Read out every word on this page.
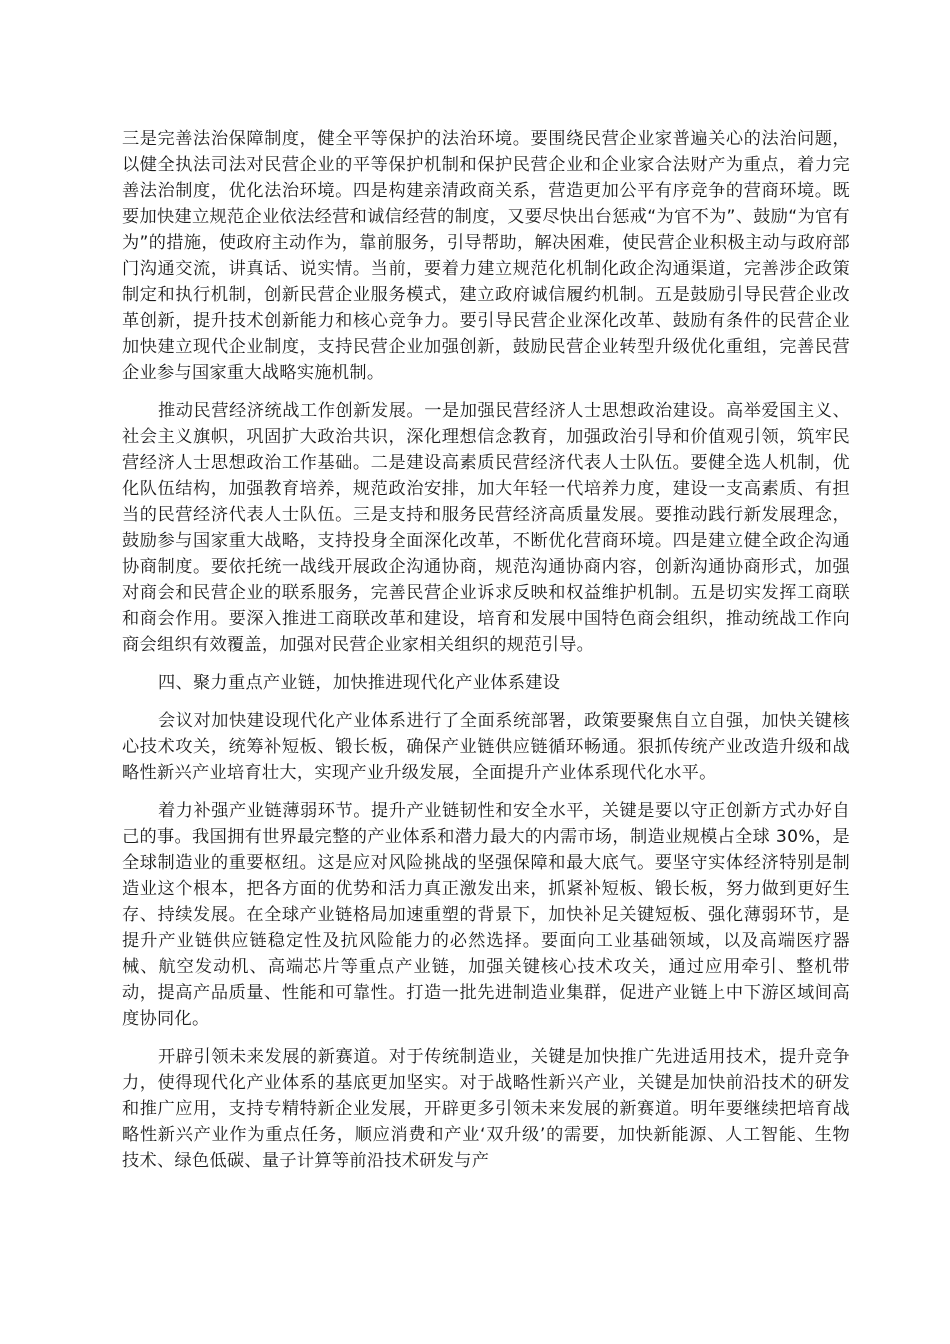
三是完善法治保障制度，健全平等保护的法治环境。要围绕民营企业家普遍关心的法治问题，以健全执法司法对民营企业的平等保护机制和保护民营企业和企业家合法财产为重点，着力完善法治制度，优化法治环境。四是构建亲清政商关系，营造更加公平有序竞争的营商环境。既要加快建立规范企业依法经营和诚信经营的制度，又要尽快出台惩戒“为官不为”、鼓励“为官有为”的措施，使政府主动作为，靠前服务，引导帮助，解决困难，使民营企业积极主动与政府部门沟通交流，讲真话、说实情。当前，要着力建立规范化机制化政企沟通渠道，完善涉企政策制定和执行机制，创新民营企业服务模式，建立政府诚信履约机制。五是鼓励引导民营企业改革创新，提升技术创新能力和核心竞争力。要引导民营企业深化改革、鼓励有条件的民营企业加快建立现代企业制度，支持民营企业加强创新，鼓励民营企业转型升级优化重组，完善民营企业参与国家重大战略实施机制。

推动民营经济统战工作创新发展。一是加强民营经济人士思想政治建设。高举爱国主义、社会主义旗帜，巩固扩大政治共识，深化理想信念教育，加强政治引导和价值观引领，筑牢民营经济人士思想政治工作基础。二是建设高素质民营经济代表人士队伍。要健全选人机制，优化队伍结构，加强教育培养，规范政治安排，加大年轻一代培养力度，建设一支高素质、有担当的民营经济代表人士队伍。三是支持和服务民营经济高质量发展。要推动践行新发展理念，鼓励参与国家重大战略，支持投身全面深化改革，不断优化营商环境。四是建立健全政企沟通协商制度。要依托统一战线开展政企沟通协商，规范沟通协商内容，创新沟通协商形式，加强对商会和民营企业的联系服务，完善民营企业诉求反映和权益维护机制。五是切实发挥工商联和商会作用。要深入推进工商联改革和建设，培育和发展中国特色商会组织，推动统战工作向商会组织有效覆盖，加强对民营企业家相关组织的规范引导。

四、聚力重点产业链，加快推进现代化产业体系建设

会议对加快建设现代化产业体系进行了全面系统部署，政策要聚焦自立自强，加快关键核心技术攻关，统筹补短板、锻长板，确保产业链供应链循环畅通。狠抓传统产业改造升级和战略性新兴产业培育壮大，实现产业升级发展，全面提升产业体系现代化水平。

着力补强产业链薄弱环节。提升产业链韧性和安全水平，关键是要以守正创新方式办好自己的事。我国拥有世界最完整的产业体系和潜力最大的内需市场，制造业规模占全球 30%，是全球制造业的重要枢纽。这是应对风险挑战的坚强保障和最大底气。要坚守实体经济特别是制造业这个根本，把各方面的优势和活力真正激发出来，抓紧补短板、锻长板，努力做到更好生存、持续发展。在全球产业链格局加速重塑的背景下，加快补足关键短板、强化薄弱环节，是提升产业链供应链稳定性及抗风险能力的必然选择。要面向工业基础领域，以及高端医疗器械、航空发动机、高端芯片等重点产业链，加强关键核心技术攻关，通过应用牵引、整机带动，提高产品质量、性能和可靠性。打造一批先进制造业集群，促进产业链上中下游区域间高度协同化。

开辟引领未来发展的新赛道。对于传统制造业，关键是加快推广先进适用技术，提升竞争力，使得现代化产业体系的基底更加坚实。对于战略性新兴产业，关键是加快前沿技术的研发和推广应用，支持专精特新企业发展，开辟更多引领未来发展的新赛道。明年要继续把培育战略性新兴产业作为重点任务，顺应消费和产业‘双升级’的需要，加快新能源、人工智能、生物技术、绿色低碳、量子计算等前沿技术研发与产
